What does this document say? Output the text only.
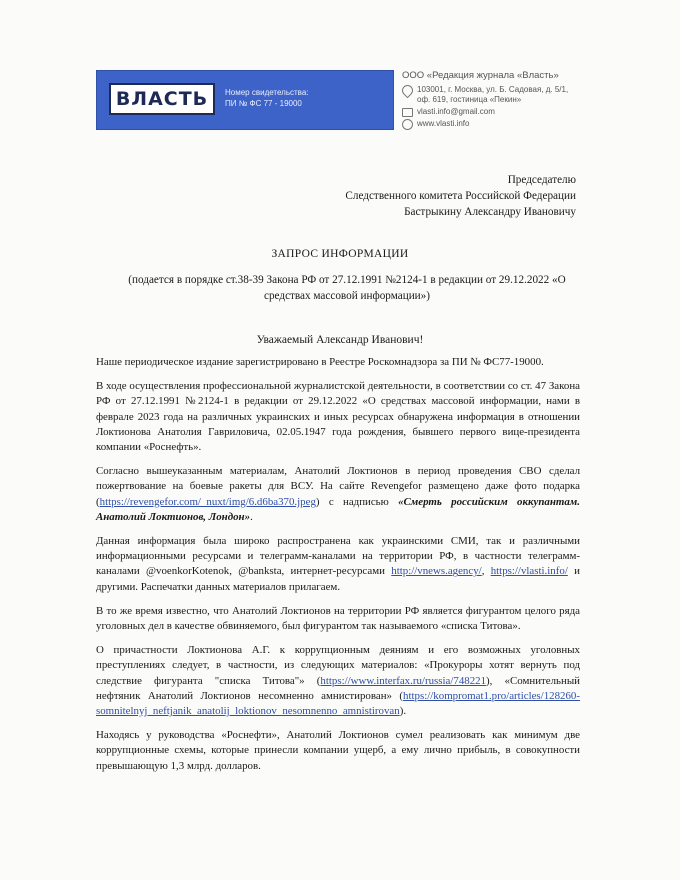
ВЛАСТЬ	Номер свидетельства:
ПИ № ФС 77 - 19000
ООО «Редакция журнала «Власть»
103001, г. Москва, ул. Б. Садовая, д. 5/1,
оф. 619, гостиница «Пекин»
vlasti.info@gmail.com
www.vlasti.info
Председателю
Следственного комитета Российской Федерации
Бастрыкину Александру Ивановичу
ЗАПРОС ИНФОРМАЦИИ
(подается в порядке ст.38-39 Закона РФ от 27.12.1991 №2124-1 в редакции от 29.12.2022 «О средствах массовой информации»)
Уважаемый Александр Иванович!

Наше периодическое издание зарегистрировано в Реестре Роскомнадзора за ПИ № ФС77-19000.

В ходе осуществления профессиональной журналистской деятельности, в соответствии со ст. 47 Закона РФ от 27.12.1991 №2124-1 в редакции от 29.12.2022 «О средствах массовой информации, нами в феврале 2023 года на различных украинских и иных ресурсах обнаружена информация в отношении Локтионова Анатолия Гавриловича, 02.05.1947 года рождения, бывшего первого вице-президента компании «Роснефть».

Согласно вышеуказанным материалам, Анатолий Локтионов в период проведения СВО сделал пожертвование на боевые ракеты для ВСУ. На сайте Revengefor размещено даже фото подарка (https://revengefor.com/_nuxt/img/6.d6ba370.jpeg) с надписью «Смерть российским оккупантам. Анатолий Локтионов, Лондон».

Данная информация была широко распространена как украинскими СМИ, так и различными информационными ресурсами и телеграмм-каналами на территории РФ, в частности телеграмм-каналами @voenkorKotenok, @banksta, интернет-ресурсами http://vnews.agency/, https://vlasti.info/ и другими. Распечатки данных материалов прилагаем.

В то же время известно, что Анатолий Локтионов на территории РФ является фигурантом целого ряда уголовных дел в качестве обвиняемого, был фигурантом так называемого «списка Титова».

О причастности Локтионова А.Г. к коррупционным деяниям и его возможных уголовных преступлениях следует, в частности, из следующих материалов: «Прокуроры хотят вернуть под следствие фигуранта "списка Титова"» (https://www.interfax.ru/russia/748221), «Сомнительный нефтяник Анатолий Локтионов несомненно амнистирован» (https://kompromat1.pro/articles/128260-somnitelnyj_neftjanik_anatolij_loktionov_nesomnenno_amnistirovan).

Находясь у руководства «Роснефти», Анатолий Локтионов сумел реализовать как минимум две коррупционные схемы, которые принесли компании ущерб, а ему лично прибыль, в совокупности превышающую 1,3 млрд. долларов.
